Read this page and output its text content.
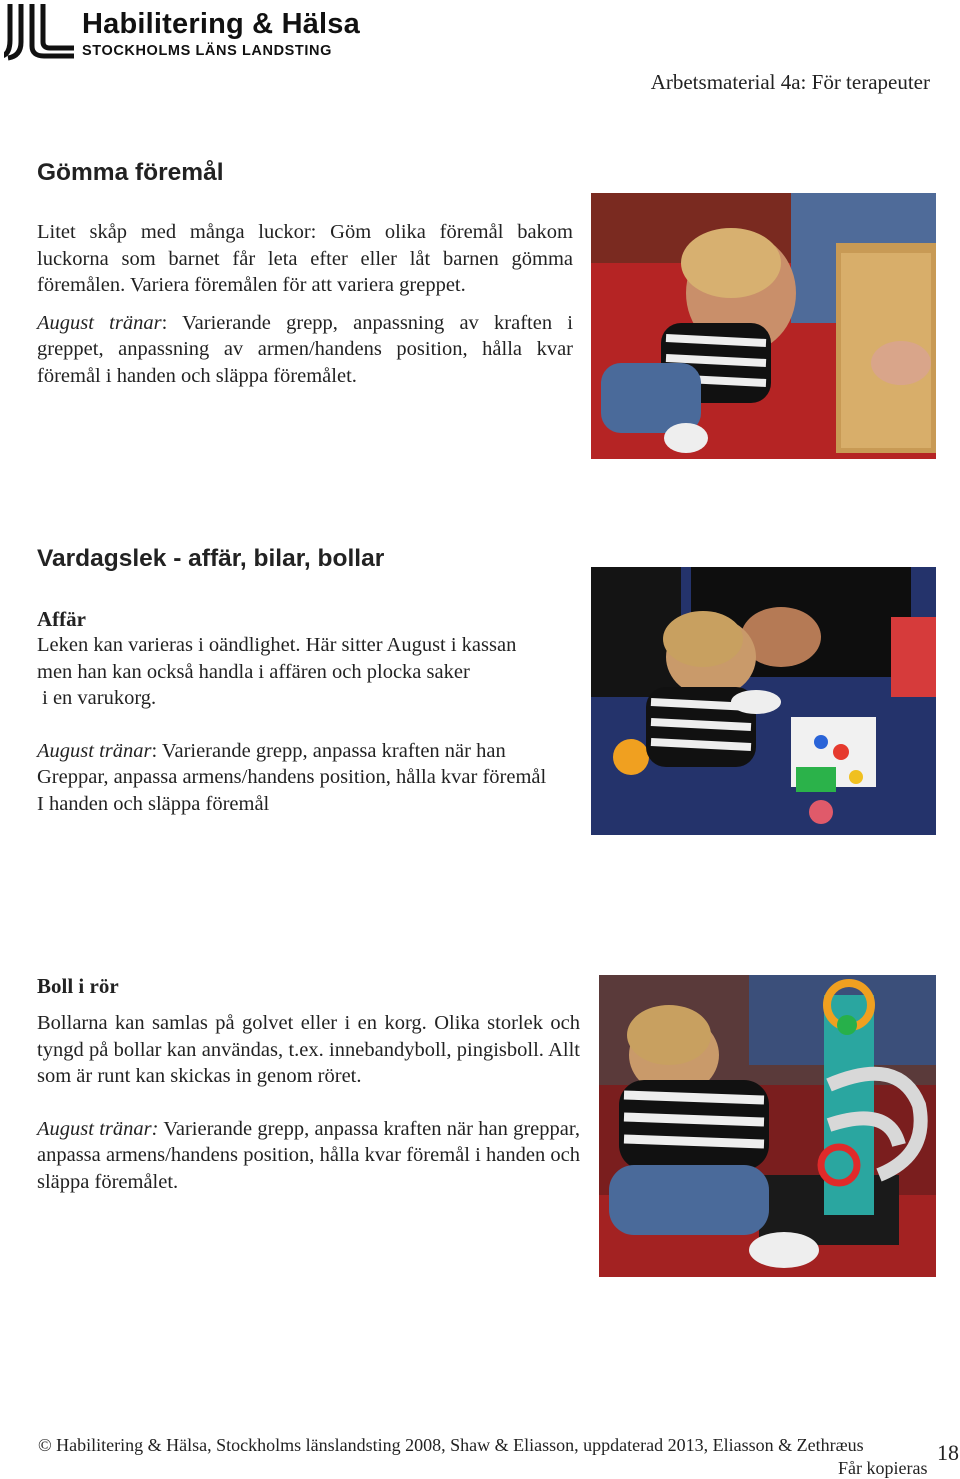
Habilitering & Hälsa
STOCKHOLMS LÄNS LANDSTING
Arbetsmaterial 4a: För terapeuter
Gömma föremål

Litet skåp med många luckor: Göm olika föremål bakom luckorna som barnet får leta efter eller låt barnen gömma föremålen. Variera föremålen för att variera greppet.

August tränar: Varierande grepp, anpassning av kraften i greppet, anpassning av armen/handens position, hålla kvar föremål i handen och släppa föremålet.

Vardagslek - affär, bilar, bollar
Affär

Leken kan varieras i oändlighet. Här sitter August i kassan

men han kan också handla i affären och plocka saker

i en varukorg.

August tränar: Varierande grepp, anpassa kraften när han

Greppar, anpassa armens/handens position, hålla kvar föremål

I handen och släppa föremål

Boll i rör

Bollarna kan samlas på golvet eller i en korg. Olika storlek och tyngd på bollar kan användas, t.ex. innebandyboll, pingisboll. Allt som är runt kan skickas in genom röret.

August tränar: Varierande grepp, anpassa kraften när han greppar, anpassa armens/handens position, hålla kvar föremål i handen och släppa föremålet.

© Habilitering & Hälsa, Stockholms länslandsting 2008, Shaw & Eliasson, uppdaterad 2013, Eliasson & Zethræus
Får kopieras
18
